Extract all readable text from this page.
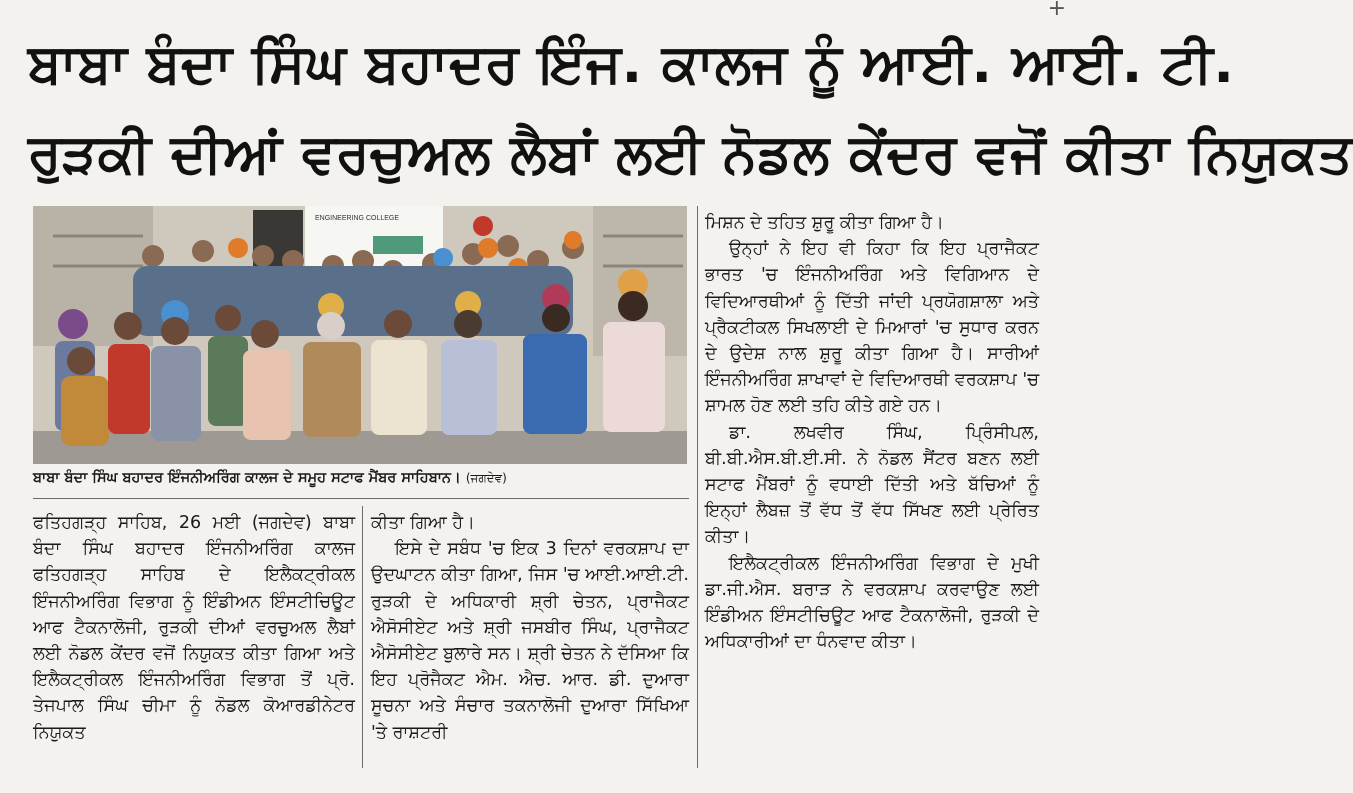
+
ਬਾਬਾ ਬੰਦਾ ਸਿੰਘ ਬਹਾਦਰ ਇੰਜ. ਕਾਲਜ ਨੂੰ ਆਈ. ਆਈ. ਟੀ.
ਰੁੜਕੀ ਦੀਆਂ ਵਰਚੁਅਲ ਲੈਬਾਂ ਲਈ ਨੋਡਲ ਕੇਂਦਰ ਵਜੋਂ ਕੀਤਾ ਨਿਯੁਕਤ
ENGINEERING COLLEGE
ਬਾਬਾ ਬੰਦਾ ਸਿੰਘ ਬਹਾਦਰ ਇੰਜਨੀਅਰਿੰਗ ਕਾਲਜ ਦੇ ਸਮੂਹ ਸਟਾਫ ਮੈਂਬਰ ਸਾਹਿਬਾਨ। (ਜਗਦੇਵ)

ਫਤਿਹਗੜ੍ਹ ਸਾਹਿਬ, 26 ਮਈ (ਜਗਦੇਵ) ਬਾਬਾ ਬੰਦਾ ਸਿੰਘ ਬਹਾਦਰ ਇੰਜਨੀਅਰਿੰਗ ਕਾਲਜ ਫਤਿਹਗੜ੍ਹ ਸਾਹਿਬ ਦੇ ਇਲੈਕਟ੍ਰੀਕਲ ਇੰਜਨੀਅਰਿੰਗ ਵਿਭਾਗ ਨੂੰ ਇੰਡੀਅਨ ਇੰਸਟੀਚਿਊਟ ਆਫ ਟੈਕਨਾਲੋਜੀ, ਰੁੜਕੀ ਦੀਆਂ ਵਰਚੁਅਲ ਲੈਬਾਂ ਲਈ ਨੋਡਲ ਕੇਂਦਰ ਵਜੋਂ ਨਿਯੁਕਤ ਕੀਤਾ ਗਿਆ ਅਤੇ ਇਲੈਕਟ੍ਰੀਕਲ ਇੰਜਨੀਅਰਿੰਗ ਵਿਭਾਗ ਤੋਂ ਪ੍ਰੋ. ਤੇਜਪਾਲ ਸਿੰਘ ਚੀਮਾ ਨੂੰ ਨੋਡਲ ਕੋਆਰਡੀਨੇਟਰ ਨਿਯੁਕਤ

ਕੀਤਾ ਗਿਆ ਹੈ।

ਇਸੇ ਦੇ ਸਬੰਧ 'ਚ ਇਕ 3 ਦਿਨਾਂ ਵਰਕਸ਼ਾਪ ਦਾ ਉਦਘਾਟਨ ਕੀਤਾ ਗਿਆ, ਜਿਸ 'ਚ ਆਈ.ਆਈ.ਟੀ. ਰੁੜਕੀ ਦੇ ਅਧਿਕਾਰੀ ਸ਼੍ਰੀ ਚੇਤਨ, ਪ੍ਰਾਜੈਕਟ ਐਸੋਸੀਏਟ ਅਤੇ ਸ਼੍ਰੀ ਜਸਬੀਰ ਸਿੰਘ, ਪ੍ਰਾਜੈਕਟ ਐਸੋਸੀਏਟ ਬੁਲਾਰੇ ਸਨ। ਸ਼੍ਰੀ ਚੇਤਨ ਨੇ ਦੱਸਿਆ ਕਿ ਇਹ ਪ੍ਰੋਜੈਕਟ ਐਮ. ਐਚ. ਆਰ. ਡੀ. ਦੁਆਰਾ ਸੂਚਨਾ ਅਤੇ ਸੰਚਾਰ ਤਕਨਾਲੋਜੀ ਦੁਆਰਾ ਸਿੱਖਿਆ 'ਤੇ ਰਾਸ਼ਟਰੀ

ਮਿਸ਼ਨ ਦੇ ਤਹਿਤ ਸ਼ੁਰੂ ਕੀਤਾ ਗਿਆ ਹੈ।

ਉਨ੍ਹਾਂ ਨੇ ਇਹ ਵੀ ਕਿਹਾ ਕਿ ਇਹ ਪ੍ਰਾਜੈਕਟ ਭਾਰਤ 'ਚ ਇੰਜਨੀਅਰਿੰਗ ਅਤੇ ਵਿਗਿਆਨ ਦੇ ਵਿਦਿਆਰਥੀਆਂ ਨੂੰ ਦਿੱਤੀ ਜਾਂਦੀ ਪ੍ਰਯੋਗਸ਼ਾਲਾ ਅਤੇ ਪ੍ਰੈਕਟੀਕਲ ਸਿਖਲਾਈ ਦੇ ਮਿਆਰਾਂ 'ਚ ਸੁਧਾਰ ਕਰਨ ਦੇ ਉਦੇਸ਼ ਨਾਲ ਸ਼ੁਰੂ ਕੀਤਾ ਗਿਆ ਹੈ। ਸਾਰੀਆਂ ਇੰਜਨੀਅਰਿੰਗ ਸ਼ਾਖਾਵਾਂ ਦੇ ਵਿਦਿਆਰਥੀ ਵਰਕਸ਼ਾਪ 'ਚ ਸ਼ਾਮਲ ਹੋਣ ਲਈ ਤਹਿ ਕੀਤੇ ਗਏ ਹਨ।

ਡਾ. ਲਖਵੀਰ ਸਿੰਘ, ਪ੍ਰਿੰਸੀਪਲ, ਬੀ.ਬੀ.ਐਸ.ਬੀ.ਈ.ਸੀ. ਨੇ ਨੋਡਲ ਸੈਂਟਰ ਬਣਨ ਲਈ ਸਟਾਫ ਮੈਂਬਰਾਂ ਨੂੰ ਵਧਾਈ ਦਿੱਤੀ ਅਤੇ ਬੱਚਿਆਂ ਨੂੰ ਇਨ੍ਹਾਂ ਲੈਬਜ਼ ਤੋਂ ਵੱਧ ਤੋਂ ਵੱਧ ਸਿੱਖਣ ਲਈ ਪ੍ਰੇਰਿਤ ਕੀਤਾ।

ਇਲੈਕਟ੍ਰੀਕਲ ਇੰਜਨੀਅਰਿੰਗ ਵਿਭਾਗ ਦੇ ਮੁਖੀ ਡਾ.ਜੀ.ਐਸ. ਬਰਾੜ ਨੇ ਵਰਕਸ਼ਾਪ ਕਰਵਾਉਣ ਲਈ ਇੰਡੀਅਨ ਇੰਸਟੀਚਿਊਟ ਆਫ ਟੈਕਨਾਲੋਜੀ, ਰੁੜਕੀ ਦੇ ਅਧਿਕਾਰੀਆਂ ਦਾ ਧੰਨਵਾਦ ਕੀਤਾ।
